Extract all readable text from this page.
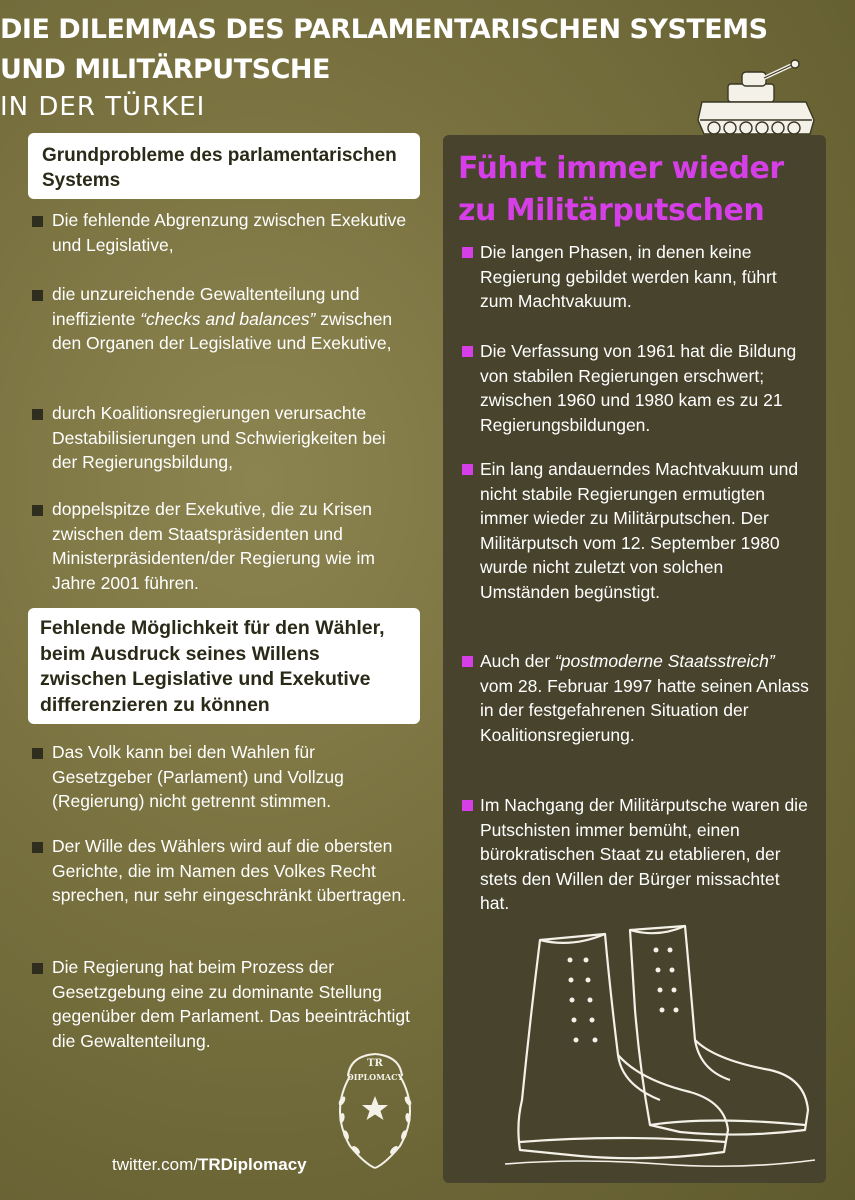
DIE DILEMMAS DES PARLAMENTARISCHEN SYSTEMS
UND MILITÄRPUTSCHE
IN DER TÜRKEI
Grundprobleme des parlamentarischen Systems
Die fehlende Abgrenzung zwischen Exekutive und Legislative,
die unzureichende Gewaltenteilung und ineffiziente “checks and balances” zwischen den Organen der Legislative und Exekutive,
durch Koalitionsregierungen verursachte Destabilisierungen und Schwierigkeiten bei der Regierungsbildung,
doppelspitze der Exekutive, die zu Krisen zwischen dem Staatspräsidenten und Ministerpräsidenten/der Regierung wie im Jahre 2001 führen.
Fehlende Möglichkeit für den Wähler, beim Ausdruck seines Willens zwischen Legislative und Exekutive differenzieren zu können
Das Volk kann bei den Wahlen für Gesetzgeber (Parlament) und Vollzug (Regierung) nicht getrennt stimmen.
Der Wille des Wählers wird auf die obersten Gerichte, die im Namen des Volkes Recht sprechen, nur sehr eingeschränkt übertragen.
Die Regierung hat beim Prozess der Gesetzgebung eine zu dominante Stellung gegenüber dem Parlament. Das beeinträchtigt die Gewaltenteilung.
TR
DIPLOMACY
twitter.com/TRDiplomacy
Führt immer wieder zu Militärputschen
Die langen Phasen, in denen keine Regierung gebildet werden kann, führt zum Machtvakuum.
Die Verfassung von 1961 hat die Bildung von stabilen Regierungen erschwert; zwischen 1960 und 1980 kam es zu 21 Regierungsbildungen.
Ein lang andauerndes Machtvakuum und nicht stabile Regierungen ermutigten immer wieder zu Militärputschen. Der Militärputsch vom 12. September 1980 wurde nicht zuletzt von solchen Umständen begünstigt.
Auch der “postmoderne Staatsstreich” vom 28. Februar 1997 hatte seinen Anlass in der festgefahrenen Situation der Koalitionsregierung.
Im Nachgang der Militärputsche waren die Putschisten immer bemüht, einen bürokratischen Staat zu etablieren, der stets den Willen der Bürger missachtet hat.
